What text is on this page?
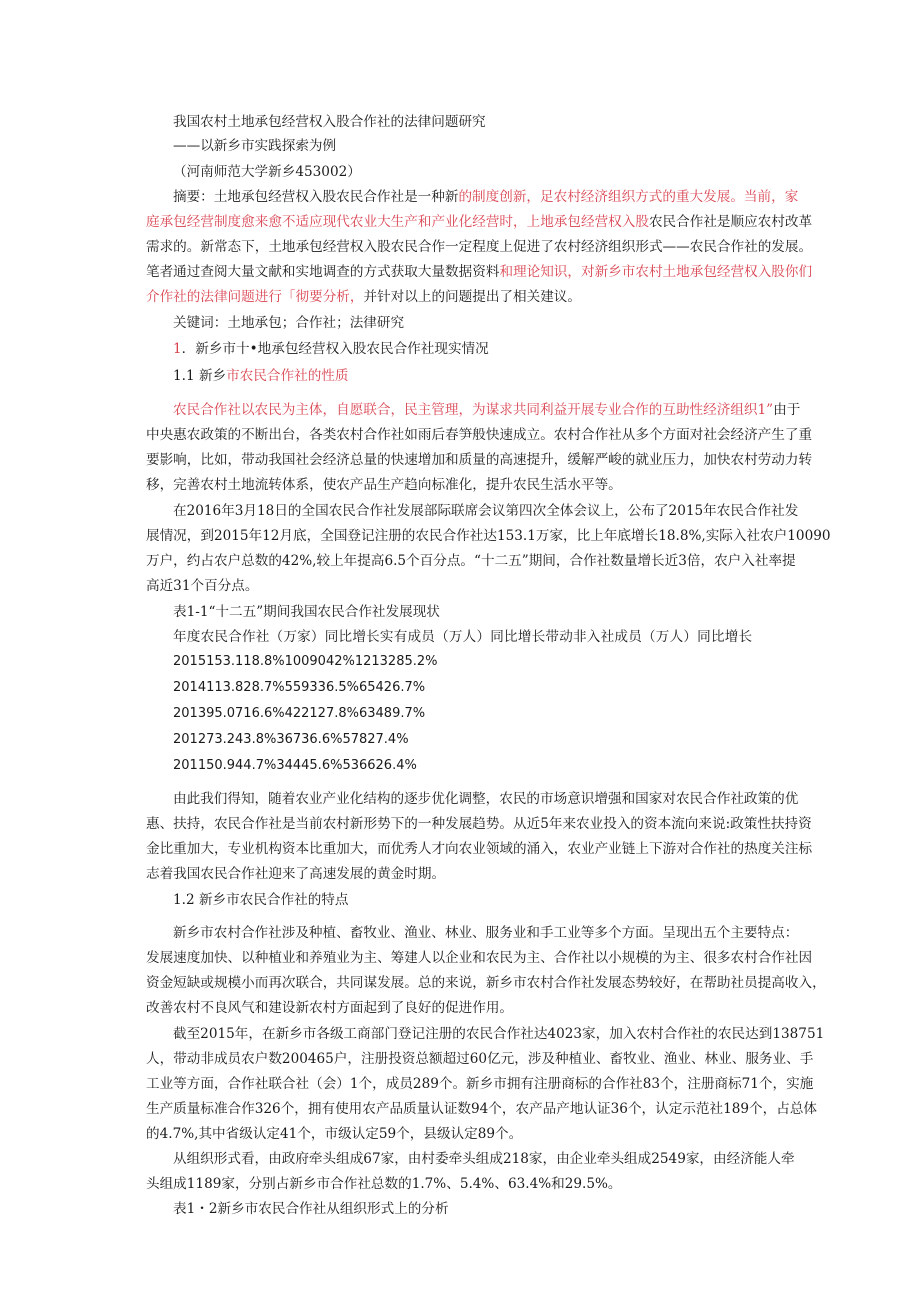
我国农村土地承包经营权入股合作社的法律问题研究
——以新乡市实践探索为例
（河南师范大学新乡453002）
摘要：土地承包经营权入股农民合作社是一种新的制度创新，足农村经济组织方式的重大发展。当前，家
庭承包经营制度愈来愈不适应现代农业大生产和产业化经营时，上地承包经营权入股农民合作社是顺应农村改革
需求的。新常态下，土地承包经营权入股农民合作一定程度上促进了农村经济组织形式——农民合作社的发展。
笔者通过查阅大量文献和实地调查的方式获取大量数据资料和理论知识，对新乡市农村土地承包经营权入股你们
介作社的法律问题进行「彻要分析，并针对以上的问题提出了相关建议。
关键词：土地承包；合作社；法律研究
1．新乡市十•地承包经营权入股农民合作社现实情况
1.1 新乡市农民合作社的性质
农民合作社以农民为主体，自愿联合，民主管理，为谋求共同利益开展专业合作的互助性经济组织1”由于
中央惠农政策的不断出台，各类农村合作社如雨后春笋般快速成立。农村合作社从多个方面对社会经济产生了重
要影响，比如，带动我国社会经济总量的快速增加和质量的高速提升，缓解严峻的就业压力，加快农村劳动力转
移，完善农村土地流转体系，使农产品生产趋向标准化，提升农民生活水平等。
在2016年3月18日的全国农民合作社发展部际联席会议第四次全体会议上，公布了2015年农民合作社发
展情况，到2015年12月底，全国登记注册的农民合作社达153.1万家，比上年底增长18.8%,实际入社农户10090
万户，约占农户总数的42%,较上年提高6.5个百分点。“十二五”期间，合作社数量增长近3倍，农户入社率提
高近31个百分点。
表1-1“十二五”期间我国农民合作社发展现状
年度农民合作社（万家）同比增长实有成员（万人）同比增长带动非入社成员（万人）同比增长
2015153.118.8%1009042%1213285.2%
2014113.828.7%559336.5%65426.7%
201395.0716.6%422127.8%63489.7%
201273.243.8%36736.6%57827.4%
201150.944.7%34445.6%536626.4%
由此我们得知，随着农业产业化结构的逐步优化调整，农民的市场意识增强和国家对农民合作社政策的优
惠、扶持，农民合作社是当前农村新形势下的一种发展趋势。从近5年来农业投入的资本流向来说:政策性扶持资
金比重加大，专业机构资本比重加大，而优秀人才向农业领域的涌入，农业产业链上下游对合作社的热度关注标
志着我国农民合作社迎来了高速发展的黄金时期。
1.2 新乡市农民合作社的特点
新乡市农村合作社涉及种植、畜牧业、渔业、林业、服务业和手工业等多个方面。呈现出五个主要特点：
发展速度加快、以种植业和养殖业为主、筹建人以企业和农民为主、合作社以小规模的为主、很多农村合作社因
资金短缺或规模小而再次联合，共同谋发展。总的来说，新乡市农村合作社发展态势较好，在帮助社员提高收入，
改善农村不良风气和建设新农村方面起到了良好的促进作用。
截至2015年，在新乡市各级工商部门登记注册的农民合作社达4023家，加入农村合作社的农民达到138751
人，带动非成员农户数200465户，注册投资总额超过60亿元，涉及种植业、畜牧业、渔业、林业、服务业、手
工业等方面，合作社联合社（会）1个，成员289个。新乡市拥有注册商标的合作社83个，注册商标71个，实施
生产质量标准合作326个，拥有使用农产品质量认证数94个，农产品产地认证36个，认定示范社189个，占总体
的4.7%,其中省级认定41个，市级认定59个，县级认定89个。
从组织形式看，由政府牵头组成67家，由村委牵头组成218家，由企业牵头组成2549家，由经济能人牵
头组成1189家，分别占新乡市合作社总数的1.7%、5.4%、63.4%和29.5%。
表1・2新乡市农民合作社从组织形式上的分析
